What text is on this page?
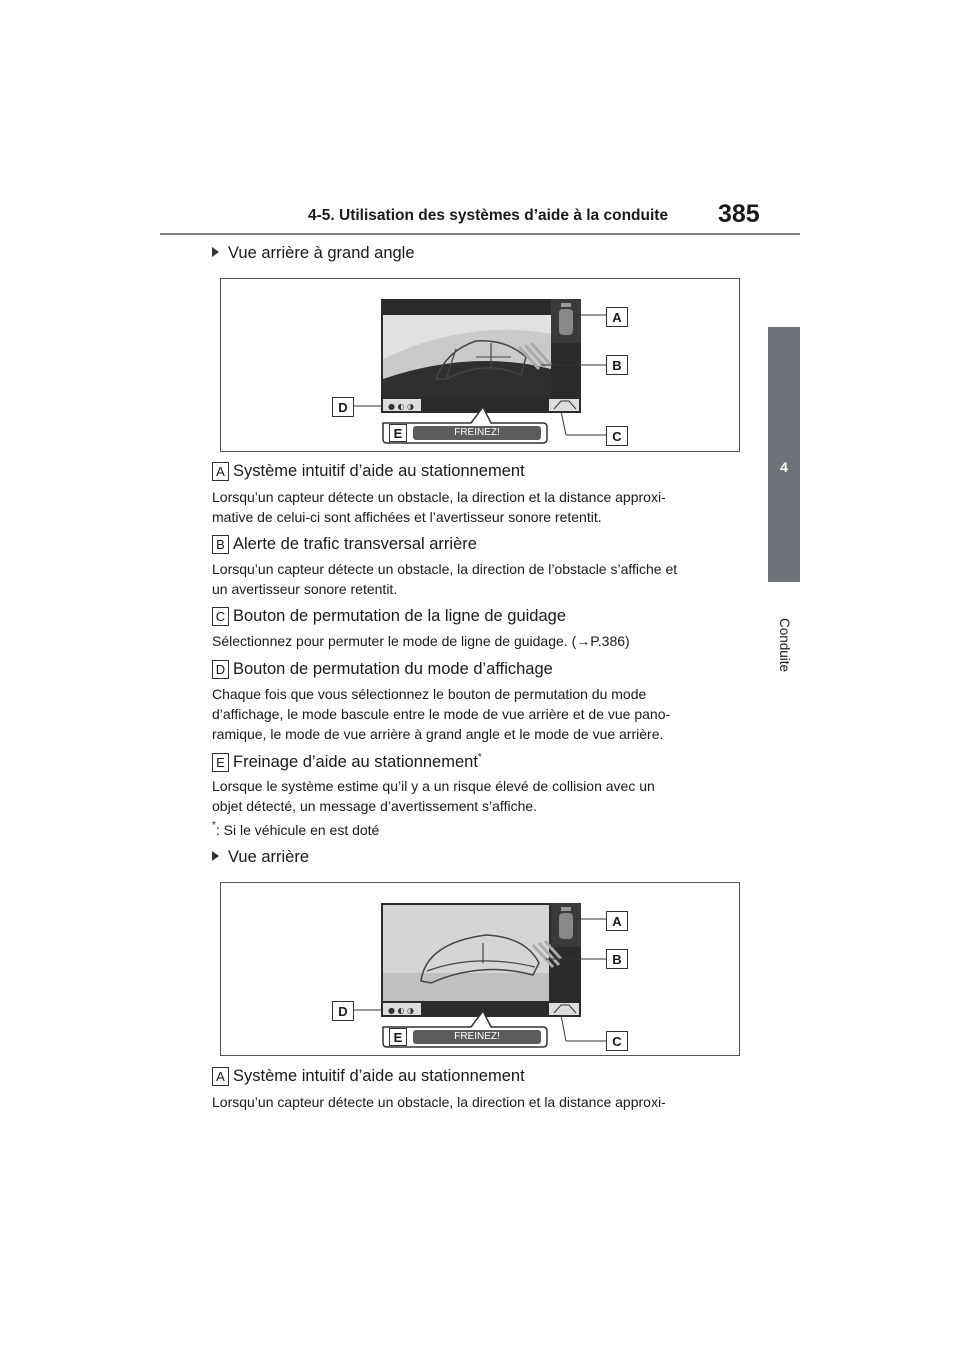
4-5. Utilisation des systèmes d’aide à la conduite 385
4
Conduite
Vue arrière à grand angle
● ◐ ◑
A
B
C
D
E	FREINEZ!
A Système intuitif d’aide au stationnement
Lorsqu’un capteur détecte un obstacle, la direction et la distance approxi-
mative de celui-ci sont affichées et l’avertisseur sonore retentit.
B Alerte de trafic transversal arrière
Lorsqu’un capteur détecte un obstacle, la direction de l’obstacle s’affiche et
un avertisseur sonore retentit.
C Bouton de permutation de la ligne de guidage
Sélectionnez pour permuter le mode de ligne de guidage. (→P.386)
D Bouton de permutation du mode d’affichage
Chaque fois que vous sélectionnez le bouton de permutation du mode
d’affichage, le mode bascule entre le mode de vue arrière et de vue pano-
ramique, le mode de vue arrière à grand angle et le mode de vue arrière.
E Freinage d’aide au stationnement*
Lorsque le système estime qu’il y a un risque élevé de collision avec un
objet détecté, un message d’avertissement s’affiche.
*: Si le véhicule en est doté
Vue arrière
● ◐ ◑
A
B
C
D
E	FREINEZ!
A Système intuitif d’aide au stationnement
Lorsqu’un capteur détecte un obstacle, la direction et la distance approxi-
